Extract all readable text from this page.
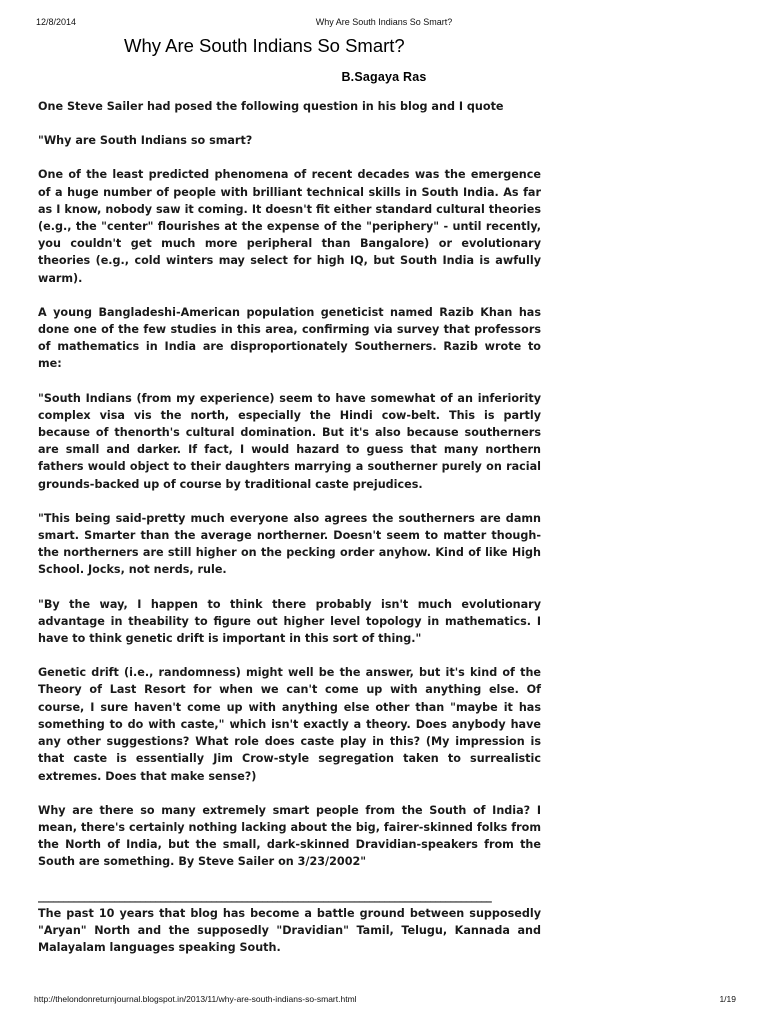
12/8/2014	Why Are South Indians So Smart?
Why Are South Indians So Smart?
B.Sagaya Ras

One Steve Sailer had posed the following question in his blog and I quote

"Why are South Indians so smart?

One of the least predicted phenomena of recent decades was the emergence of a huge number of people with brilliant technical skills in South India. As far as I know, nobody saw it coming. It doesn't fit either standard cultural theories (e.g., the "center" flourishes at the expense of the "periphery" - until recently, you couldn't get much more peripheral than Bangalore) or evolutionary theories (e.g., cold winters may select for high IQ, but South India is awfully warm).

A young Bangladeshi-American population geneticist named Razib Khan has done one of the few studies in this area, confirming via survey that professors of mathematics in India are disproportionately Southerners. Razib wrote to me:

"South Indians (from my experience) seem to have somewhat of an inferiority complex visa vis the north, especially the Hindi cow-belt. This is partly because of thenorth's cultural domination. But it's also because southerners are small and darker. If fact, I would hazard to guess that many northern fathers would object to their daughters marrying a southerner purely on racial grounds-backed up of course by traditional caste prejudices.

"This being said-pretty much everyone also agrees the southerners are damn smart. Smarter than the average northerner. Doesn't seem to matter though-the northerners are still higher on the pecking order anyhow. Kind of like High School. Jocks, not nerds, rule.

"By the way, I happen to think there probably isn't much evolutionary advantage in theability to figure out higher level topology in mathematics. I have to think genetic drift is important in this sort of thing."

Genetic drift (i.e., randomness) might well be the answer, but it's kind of the Theory of Last Resort for when we can't come up with anything else. Of course, I sure haven't come up with anything else other than "maybe it has something to do with caste," which isn't exactly a theory. Does anybody have any other suggestions? What role does caste play in this? (My impression is that caste is essentially Jim Crow-style segregation taken to surrealistic extremes. Does that make sense?)

Why are there so many extremely smart people from the South of India? I mean, there's certainly nothing lacking about the big, fairer-skinned folks from the North of India, but the small, dark-skinned Dravidian-speakers from the South are something. By Steve Sailer on 3/23/2002"

_________________________________________________________________________________________

The past 10 years that blog has become a battle ground between supposedly "Aryan" North and the supposedly "Dravidian" Tamil, Telugu, Kannada and Malayalam languages speaking South.

http://thelondonreturnjournal.blogspot.in/2013/11/why-are-south-indians-so-smart.html	1/19
